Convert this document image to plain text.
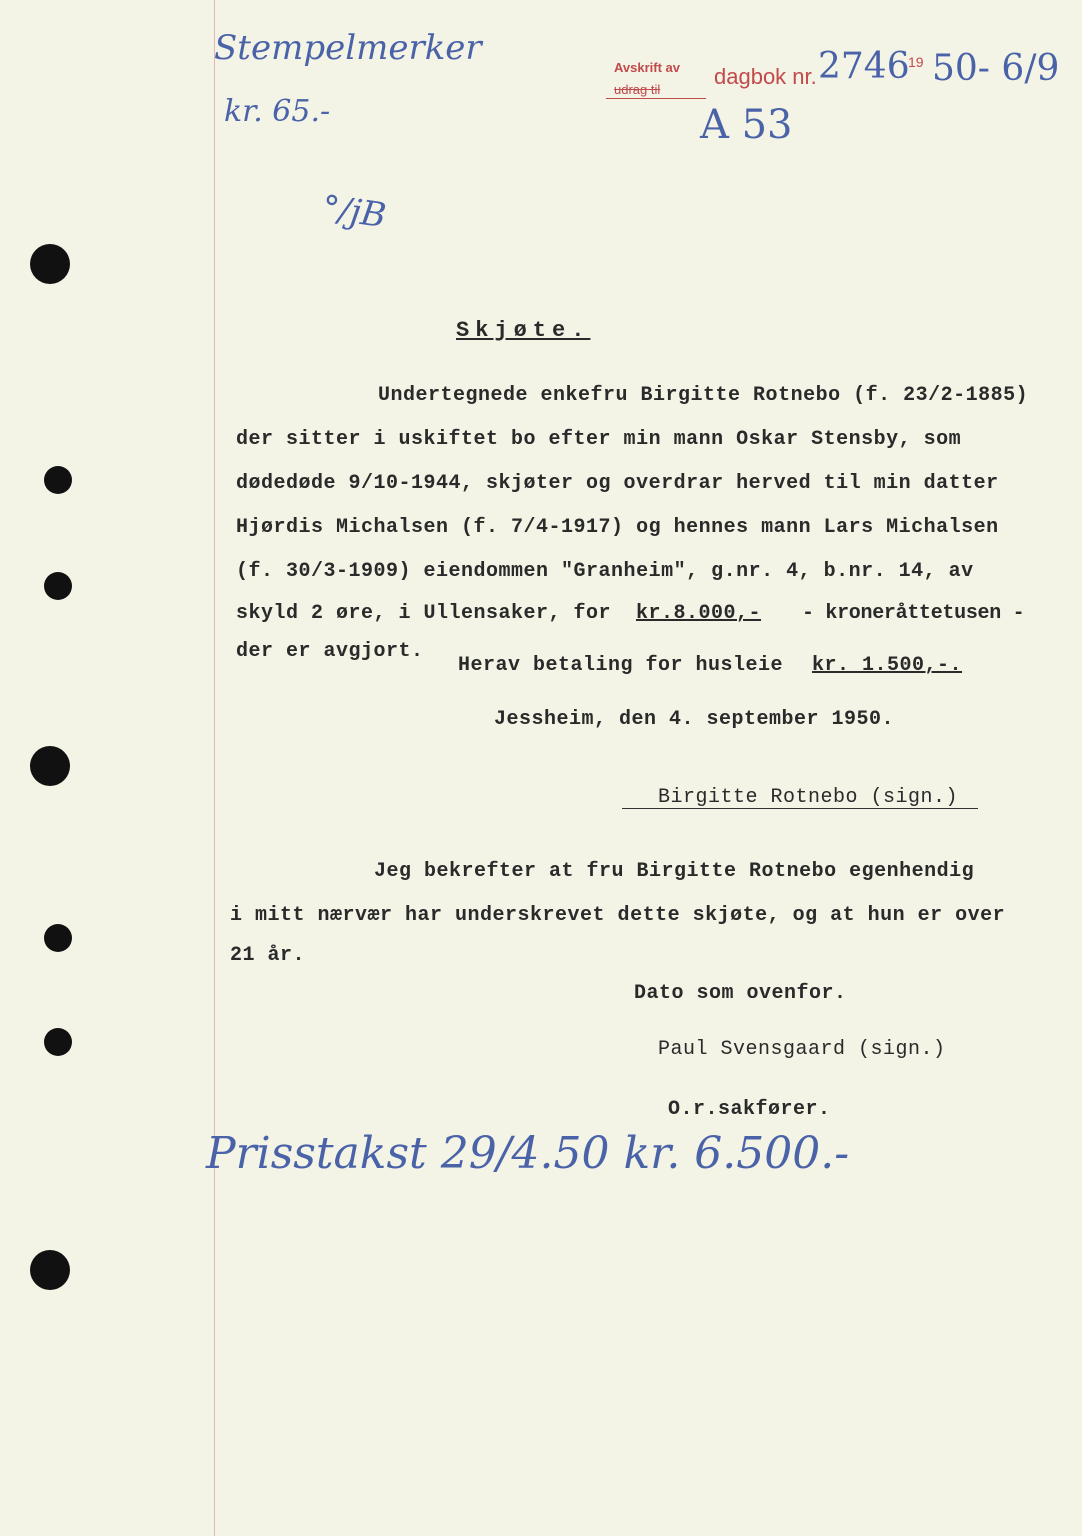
Stempelmerker
kr. 65.-
°/jB
A 53
Avskrift av
udrag til
dagbok nr. 2746
19 50- 6/9
Skjøte.
Undertegnede enkefru Birgitte Rotnebo (f. 23/2-1885)
der sitter i uskiftet bo efter min mann Oskar Stensby, som
dødedøde 9/10-1944, skjøter og overdrar herved til min datter
Hjørdis Michalsen (f. 7/4-1917) og hennes mann Lars Michalsen
(f. 30/3-1909) eiendommen "Granheim", g.nr. 4, b.nr. 14, av
skyld 2 øre, i Ullensaker, for kr.8.000,- - kroneråttetusen -
der er avgjort.
Herav betaling for husleie kr. 1.500,-.
Jessheim, den 4. september 1950.
Birgitte Rotnebo (sign.)
Jeg bekrefter at fru Birgitte Rotnebo egenhendig
i mitt nærvær har underskrevet dette skjøte, og at hun er over
21 år.
Dato som ovenfor.
Paul Svensgaard (sign.)
O.r.sakfører.
Prisstakst 29/4.50 kr. 6.500.-
